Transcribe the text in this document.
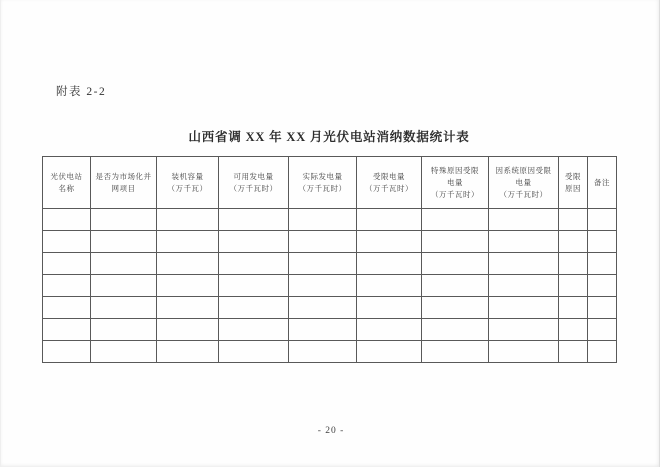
附表 2-2
山西省调 XX 年 XX 月光伏电站消纳数据统计表
光伏电站
名称

是否为市场化并
网项目

装机容量
（万千瓦）

可用发电量
（万千瓦时）

实际发电量
（万千瓦时）

受限电量
（万千瓦时）

特殊原因受限
电量
（万千瓦时）

因系统原因受限
电量
（万千瓦时）

受限
原因

备注

- 20 -
